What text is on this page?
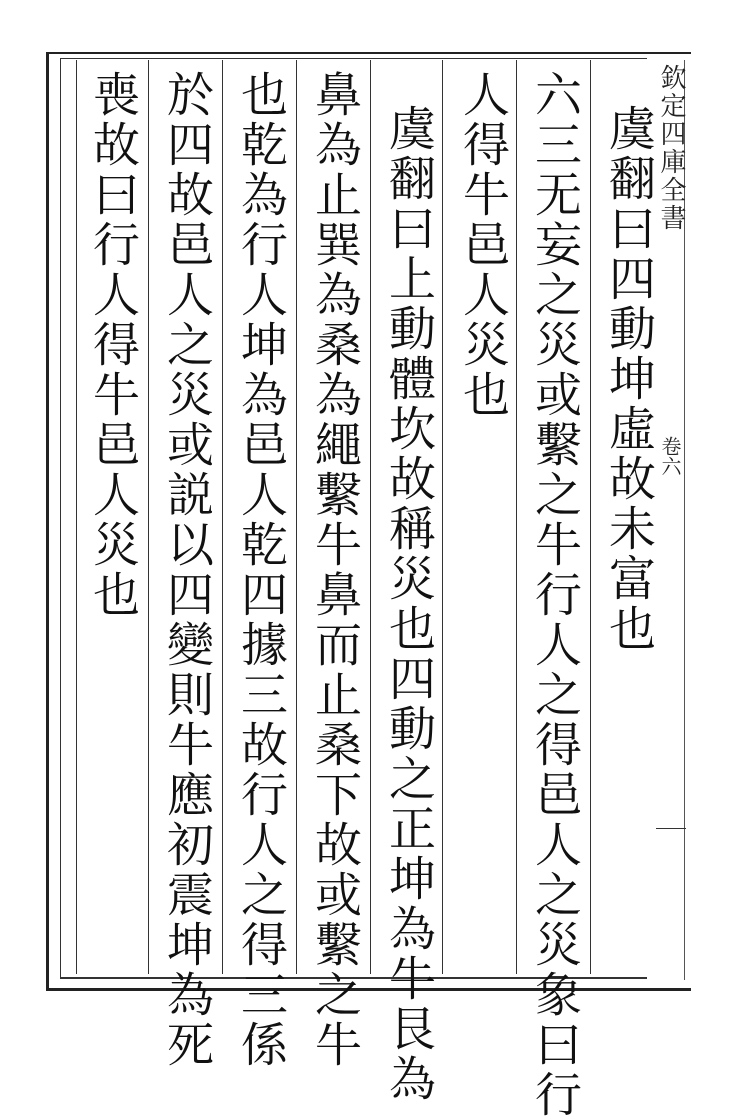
欽定四庫全書
卷六
虞翻曰四動坤虛故未富也
六三无妄之災或繫之牛行人之得邑人之災象曰行
人得牛邑人災也
虞翻曰上動體坎故稱災也四動之正坤為牛艮為
鼻為止巽為桑為繩繫牛鼻而止桑下故或繫之牛
也乾為行人坤為邑人乾四據三故行人之得三係
於四故邑人之災或説以四變則牛應初震坤為死
喪故曰行人得牛邑人災也
